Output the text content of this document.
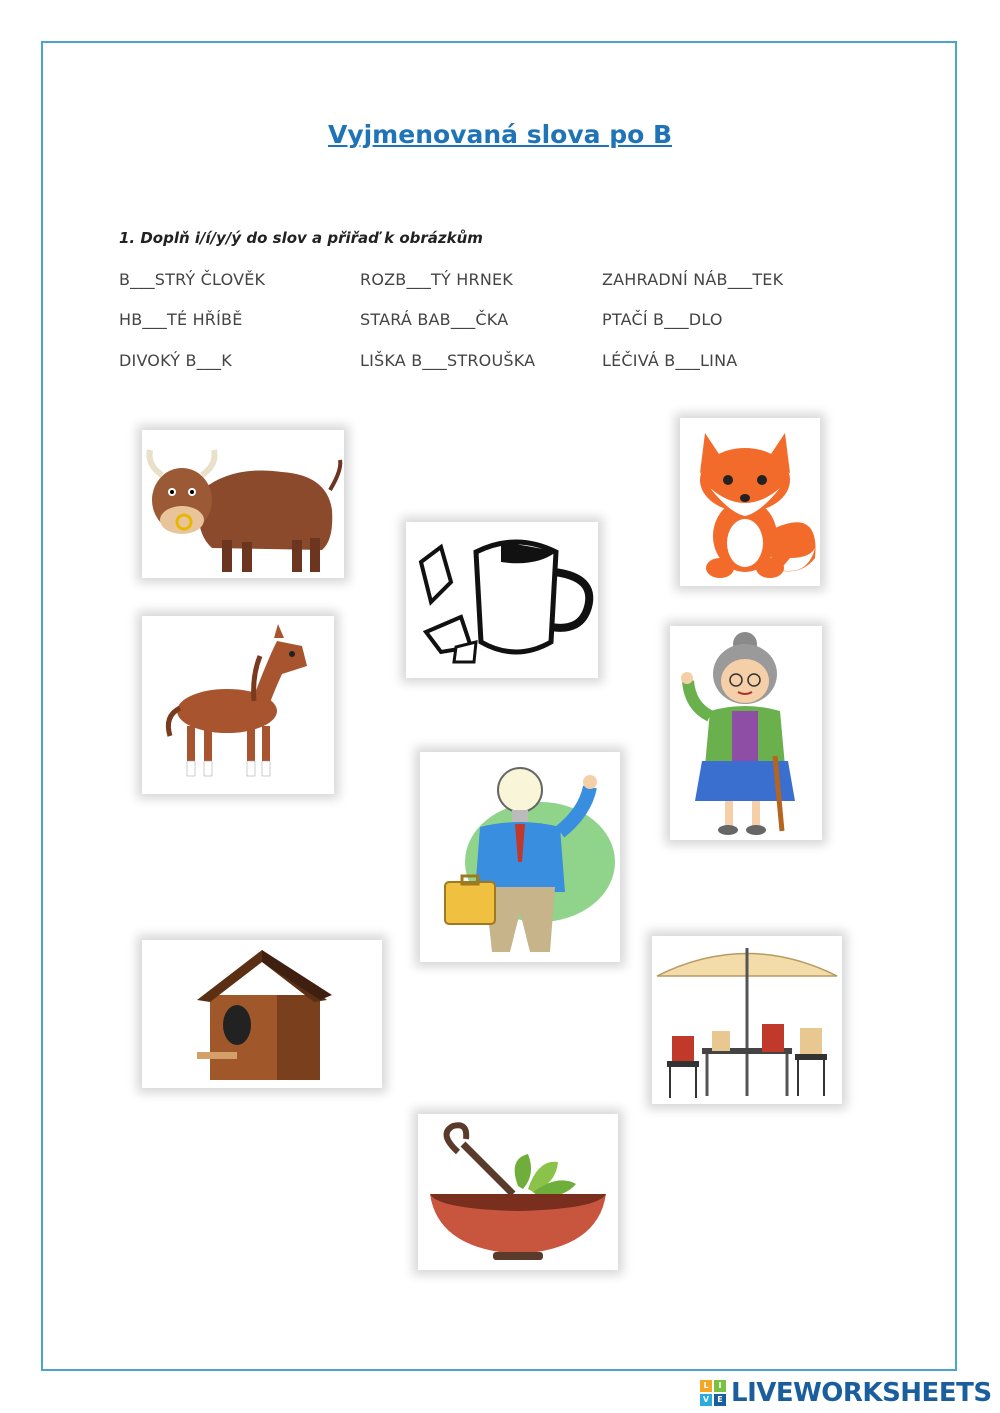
Vyjmenovaná slova po B
1. Doplň i/í/y/ý do slov a přiřaď k obrázkům
B___STRÝ ČLOVĚK	ROZB___TÝ HRNEK	ZAHRADNÍ NÁB___TEK
HB___TÉ HŘÍBĚ	STARÁ BAB___ČKA	PTAČÍ B___DLO
DIVOKÝ B___K	LIŠKA B___STROUŠKA	LÉČIVÁ B___LINA
L	I
V	E LIVEWORKSHEETS
